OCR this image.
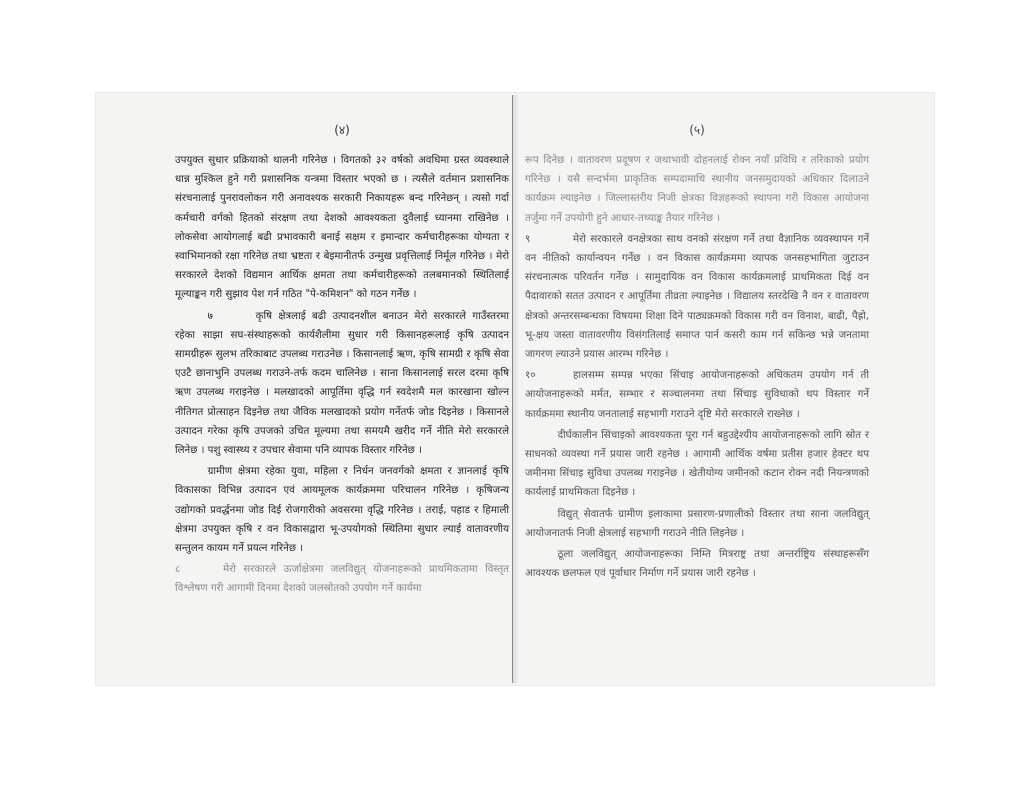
(४)

उपयुक्त सुधार प्रक्रियाको थालनी गरिनेछ । विगतको ३२ वर्षको अवधिमा ग्रस्त व्यवस्थाले धान्न मुश्किल हुने गरी प्रशासनिक यन्त्रमा विस्तार भएको छ । त्यसैले वर्तमान प्रशासनिक संरचनालाई पुनरावलोकन गरी अनावश्यक सरकारी निकायहरू बन्द गरिनेछन् । त्यसो गर्दा कर्मचारी वर्गको हितको संरक्षण तथा देशको आवश्यकता दुवैलाई ध्यानमा राखिनेछ । लोकसेवा आयोगलाई बढी प्रभावकारी बनाई सक्षम र इमान्दार कर्मचारीहरूका योग्यता र स्वाभिमानको रक्षा गरिनेछ तथा भ्रष्टता र बेइमानीतर्फ उन्मुख प्रवृत्तिलाई निर्मूल गरिनेछ । मेरो सरकारले देशको विद्यमान आर्थिक क्षमता तथा कर्मचारीहरूको तलबमानको स्थितिलाई मूल्याङ्कन गरी सुझाव पेश गर्न गठित "पे-कमिशन" को गठन गर्नेछ ।

७	कृषि क्षेत्रलाई बढी उत्पादनशील बनाउन मेरो सरकारले गाउँस्तरमा रहेका साझा सघ-संस्थाहरूको कार्यशैलीमा सुधार गरी किसानहरूलाई कृषि उत्पादन सामग्रीहरू सुलभ तरिकाबाट उपलब्ध गराउनेछ । किसानलाई ऋण, कृषि सामग्री र कृषि सेवा एउटै छानाभुनि उपलब्ध गराउने-तर्फ कदम चालिनेछ । साना किसानलाई सरल दरमा कृषि ऋण उपलब्ध गराइनेछ । मलखादको आपूर्तिमा वृद्धि गर्न स्वदेशमै मल कारखाना खोल्न नीतिगत प्रोत्साहन दिइनेछ तथा जैविक मलखादको प्रयोग गर्नेतर्फ जोड दिइनेछ । किसानले उत्पादन गरेका कृषि उपजको उचित मूल्यमा तथा समयमै खरीद गर्ने नीति मेरो सरकारले लिनेछ । पशु स्वास्थ्य र उपचार सेवामा पनि व्यापक विस्तार गरिनेछ ।

ग्रामीण क्षेत्रमा रहेका युवा, महिला र निर्धन जनवर्गको क्षमता र ज्ञानलाई कृषि विकासका विभिन्न उत्पादन एवं आयमूलक कार्यक्रममा परिचालन गरिनेछ । कृषिजन्य उद्योगको प्रवर्द्धनमा जोड दिई रोजगारीको अवसरमा वृद्धि गरिनेछ । तराई, पहाड र हिमाली क्षेत्रमा उपयुक्त कृषि र वन विकासद्वारा भू-उपयोगको स्थितिमा सुधार ल्याई वातावरणीय सन्तुलन कायम गर्ने प्रयत्न गरिनेछ ।

८	मेरो सरकारले ऊर्जाक्षेत्रमा जलविद्युत् योजनाहरूको प्राथमिकतामा विस्तृत विश्लेषण गरी आगामी दिनमा देशको जलस्रोतको उपयोग गर्ने कार्यमा

(५)

रूप दिनेछ । वातावरण प्रदूषण र जथाभावी दोहनलाई रोक्न नयाँ प्रविधि र तरिकाको प्रयोग गरिनेछ । यसै सन्दर्भमा प्राकृतिक सम्पदामाथि स्थानीय जनसमुदायको अधिकार दिलाउने कार्यक्रम ल्याइनेछ । जिल्लास्तरीय निजी क्षेत्रका विज्ञहरूको स्थापना गरी विकास आयोजना तर्जुमा गर्ने उपयोगी हुने आधार-तथ्याङ्क तैयार गरिनेछ ।

९	मेरो सरकारले वनक्षेत्रका साथ वनको संरक्षण गर्ने तथा वैज्ञानिक व्यवस्थापन गर्ने वन नीतिको कार्यान्वयन गर्नेछ । वन विकास कार्यक्रममा व्यापक जनसहभागिता जुटाउन संरचनात्मक परिवर्तन गर्नेछ । सामुदायिक वन विकास कार्यक्रमलाई प्राथमिकता दिई वन पैदावारको सतत उत्पादन र आपूर्तिमा तीव्रता ल्याइनेछ । विद्यालय स्तरदेखि नै वन र वातावरण क्षेत्रको अन्तरसम्बन्धका विषयमा शिक्षा दिने पाठ्यक्रमको विकास गरी वन विनाश, बाढी, पैह्रो, भू-क्षय जस्ता वातावरणीय विसंगतिलाई समाप्त पार्न कसरी काम गर्न सकिन्छ भन्ने जनतामा जागरण ल्याउने प्रयास आरम्भ गरिनेछ ।

१०	हालसम्म सम्पन्न भएका सिंचाइ आयोजनाहरूको अधिकतम उपयोग गर्न ती आयोजनाहरूको मर्मत, सम्भार र सञ्चालनमा तथा सिंचाइ सुविधाको थप विस्तार गर्ने कार्यक्रममा स्थानीय जनतालाई सहभागी गराउने दृष्टि मेरो सरकारले राख्नेछ ।

दीर्घकालीन सिंचाइको आवश्यकता पूरा गर्न बहुउद्देश्यीय आयोजनाहरूको लागि स्रोत र साधनको व्यवस्था गर्ने प्रयास जारी रहनेछ । आगामी आर्थिक वर्षमा प्रतीस हजार हेक्टर थप जमीनमा सिंचाइ सुविधा उपलब्ध गराइनेछ । खेतीयोग्य जमीनको कटान रोक्न नदी नियन्त्रणको कार्यलाई प्राथमिकता दिइनेछ ।

विद्युत् सेवातर्फ ग्रामीण इलाकामा प्रसारण-प्रणालीको विस्तार तथा साना जलविद्युत् आयोजनातर्फ निजी क्षेत्रलाई सहभागी गराउने नीति लिइनेछ ।

ठूला जलविद्युत् आयोजनाहरूका निम्ति मित्रराष्ट्र तथा अन्तर्राष्ट्रिय संस्थाहरूसँग आवश्यक छलफल एवं पूर्वाधार निर्माण गर्ने प्रयास जारी रहनेछ ।
